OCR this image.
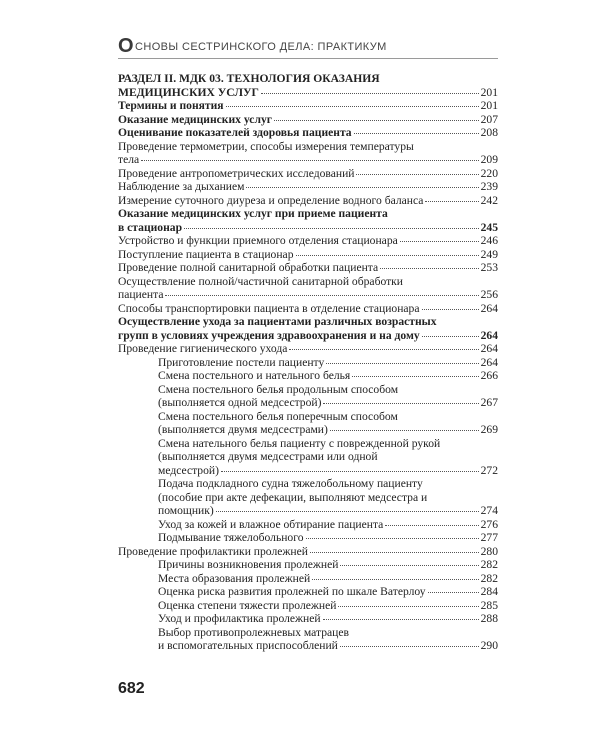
О СНОВЫ СЕСТРИНСКОГО ДЕЛА: ПРАКТИКУМ
РАЗДЕЛ II. МДК 03. ТЕХНОЛОГИЯ ОКАЗАНИЯ
МЕДИЦИНСКИХ УСЛУГ	201
Термины и понятия	201
Оказание медицинских услуг	207
Оценивание показателей здоровья пациента	208
Проведение термометрии, способы измерения температуры
тела	209
Проведение антропометрических исследований	220
Наблюдение за дыханием	239
Измерение суточного диуреза и определение водного баланса	242
Оказание медицинских услуг при приеме пациента
в стационар	245
Устройство и функции приемного отделения стационара	246
Поступление пациента в стационар	249
Проведение полной санитарной обработки пациента	253
Осуществление полной/частичной санитарной обработки
пациента	256
Способы транспортировки пациента в отделение стационара	264
Осуществление ухода за пациентами различных возрастных
групп в условиях учреждения здравоохранения и на дому	264
Проведение гигиенического ухода	264
Приготовление постели пациенту	264
Смена постельного и нательного белья	266
Смена постельного белья продольным способом
(выполняется одной медсестрой)	267
Смена постельного белья поперечным способом
(выполняется двумя медсестрами)	269
Смена нательного белья пациенту с поврежденной рукой
(выполняется двумя медсестрами или одной
медсестрой)	272
Подача подкладного судна тяжелобольному пациенту
(пособие при акте дефекации, выполняют медсестра и
помощник)	274
Уход за кожей и влажное обтирание пациента	276
Подмывание тяжелобольного	277
Проведение профилактики пролежней	280
Причины возникновения пролежней	282
Места образования пролежней	282
Оценка риска развития пролежней по шкале Ватерлоу	284
Оценка степени тяжести пролежней	285
Уход и профилактика пролежней	288
Выбор противопролежневых матрацев
и вспомогательных приспособлений	290
682
